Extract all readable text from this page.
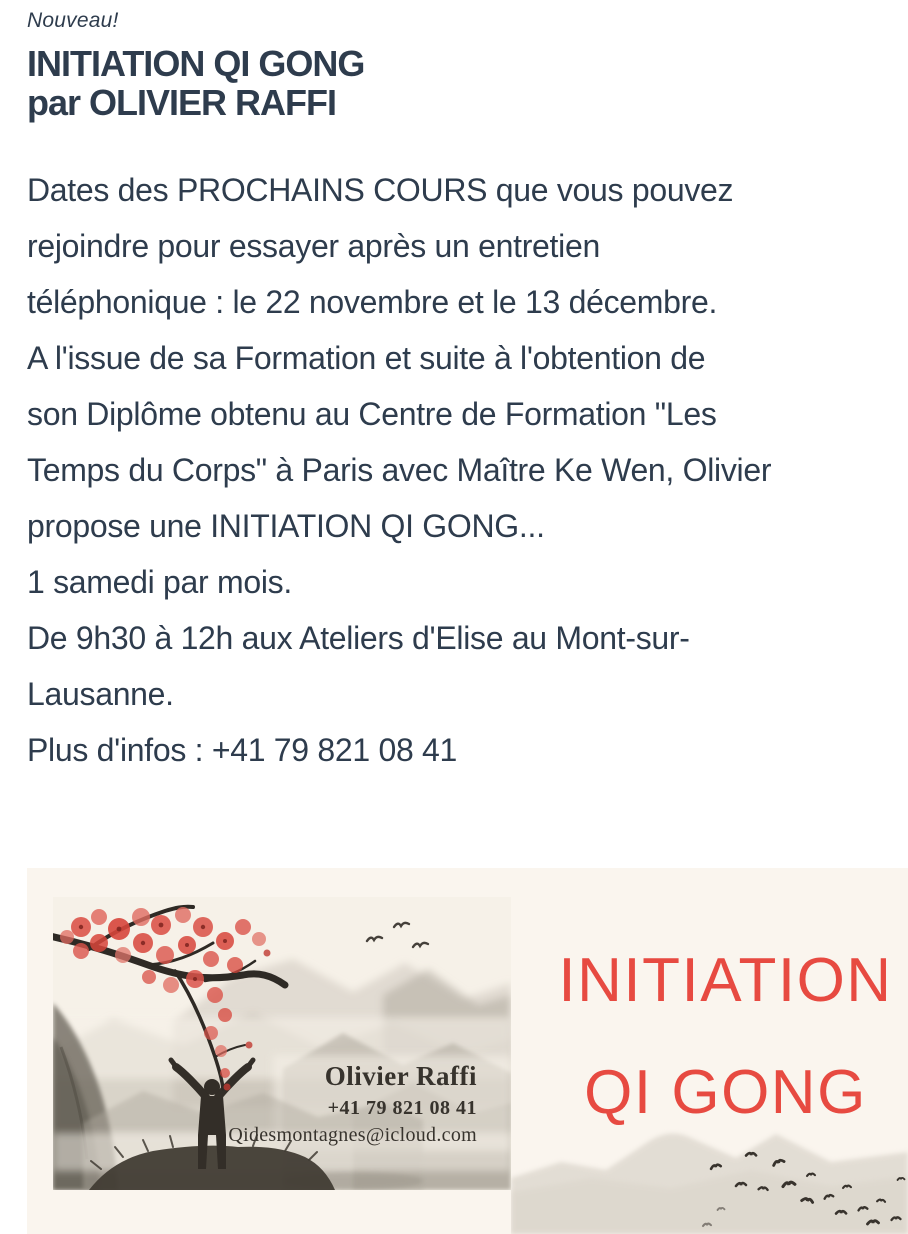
Nouveau!
INITIATION QI GONG
par OLIVIER RAFFI
Dates des PROCHAINS COURS que vous pouvez
rejoindre pour essayer après un entretien
téléphonique : le 22 novembre et le 13 décembre.
A l'issue de sa Formation et suite à l'obtention de
son Diplôme obtenu au Centre de Formation "Les
Temps du Corps" à Paris avec Maître Ke Wen, Olivier
propose une INITIATION QI GONG...
1 samedi par mois.
De 9h30 à 12h aux Ateliers d'Elise au Mont-sur-
Lausanne.
Plus d'infos : +41 79 821 08 41
Olivier Raffi
+41 79 821 08 41
Qidesmontagnes@icloud.com
INITIATION
QI GONG
